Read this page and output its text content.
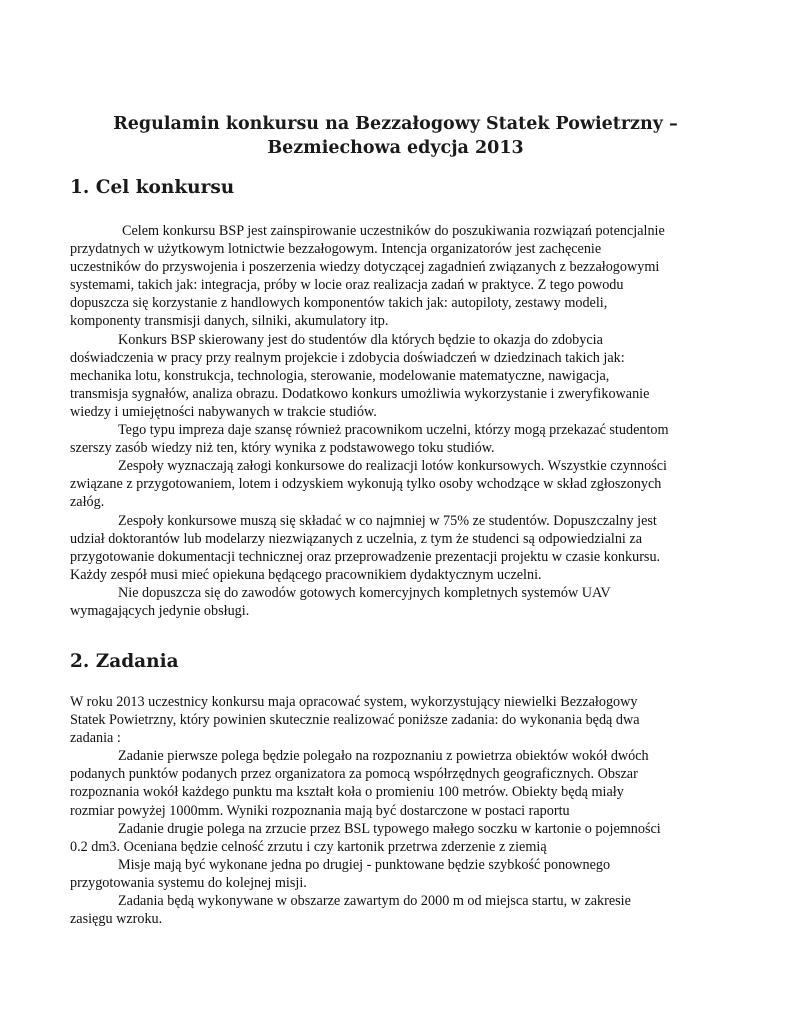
Regulamin konkursu na Bezzałogowy Statek Powietrzny –
Bezmiechowa edycja 2013
1. Cel konkursu
Celem konkursu BSP jest zainspirowanie uczestników do poszukiwania rozwiązań potencjalnie
przydatnych w użytkowym lotnictwie bezzałogowym. Intencja organizatorów jest zachęcenie
uczestników do przyswojenia i poszerzenia wiedzy dotyczącej zagadnień związanych z bezzałogowymi
systemami, takich jak: integracja, próby w locie oraz realizacja zadań w praktyce. Z tego powodu
dopuszcza się korzystanie z handlowych komponentów takich jak: autopiloty, zestawy modeli,
komponenty transmisji danych, silniki, akumulatory itp.
Konkurs BSP skierowany jest do studentów dla których będzie to okazja do zdobycia
doświadczenia w pracy przy realnym projekcie i zdobycia doświadczeń w dziedzinach takich jak:
mechanika lotu, konstrukcja, technologia, sterowanie, modelowanie matematyczne, nawigacja,
transmisja sygnałów, analiza obrazu. Dodatkowo konkurs umożliwia wykorzystanie i zweryfikowanie
wiedzy i umiejętności nabywanych w trakcie studiów.
Tego typu impreza daje szansę również pracownikom uczelni, którzy mogą przekazać studentom
szerszy zasób wiedzy niż ten, który wynika z podstawowego toku studiów.
Zespoły wyznaczają załogi konkursowe do realizacji lotów konkursowych. Wszystkie czynności
związane z przygotowaniem, lotem i odzyskiem wykonują tylko osoby wchodzące w skład zgłoszonych
załóg.
Zespoły konkursowe muszą się składać w co najmniej w 75% ze studentów. Dopuszczalny jest
udział doktorantów lub modelarzy niezwiązanych z uczelnia, z tym że studenci są odpowiedzialni za
przygotowanie dokumentacji technicznej oraz przeprowadzenie prezentacji projektu w czasie konkursu.
Każdy zespół musi mieć opiekuna będącego pracownikiem dydaktycznym uczelni.
Nie dopuszcza się do zawodów gotowych komercyjnych kompletnych systemów UAV
wymagających jedynie obsługi.
2. Zadania
W roku 2013 uczestnicy konkursu maja opracować system, wykorzystujący niewielki Bezzałogowy
Statek Powietrzny, który powinien skutecznie realizować poniższe zadania: do wykonania będą dwa
zadania :
Zadanie pierwsze polega będzie polegało na rozpoznaniu z powietrza obiektów wokół dwóch
podanych punktów podanych przez organizatora za pomocą współrzędnych geograficznych. Obszar
rozpoznania wokół każdego punktu ma kształt koła o promieniu 100 metrów. Obiekty będą miały
rozmiar powyżej 1000mm. Wyniki rozpoznania mają być dostarczone w postaci raportu
Zadanie drugie polega na zrzucie przez BSL typowego małego soczku w kartonie o pojemności
0.2 dm3. Oceniana będzie celność zrzutu i czy kartonik przetrwa zderzenie z ziemią
Misje mają być wykonane jedna po drugiej - punktowane będzie szybkość ponownego
przygotowania systemu do kolejnej misji.
Zadania będą wykonywane w obszarze zawartym do 2000 m od miejsca startu, w zakresie
zasięgu wzroku.
